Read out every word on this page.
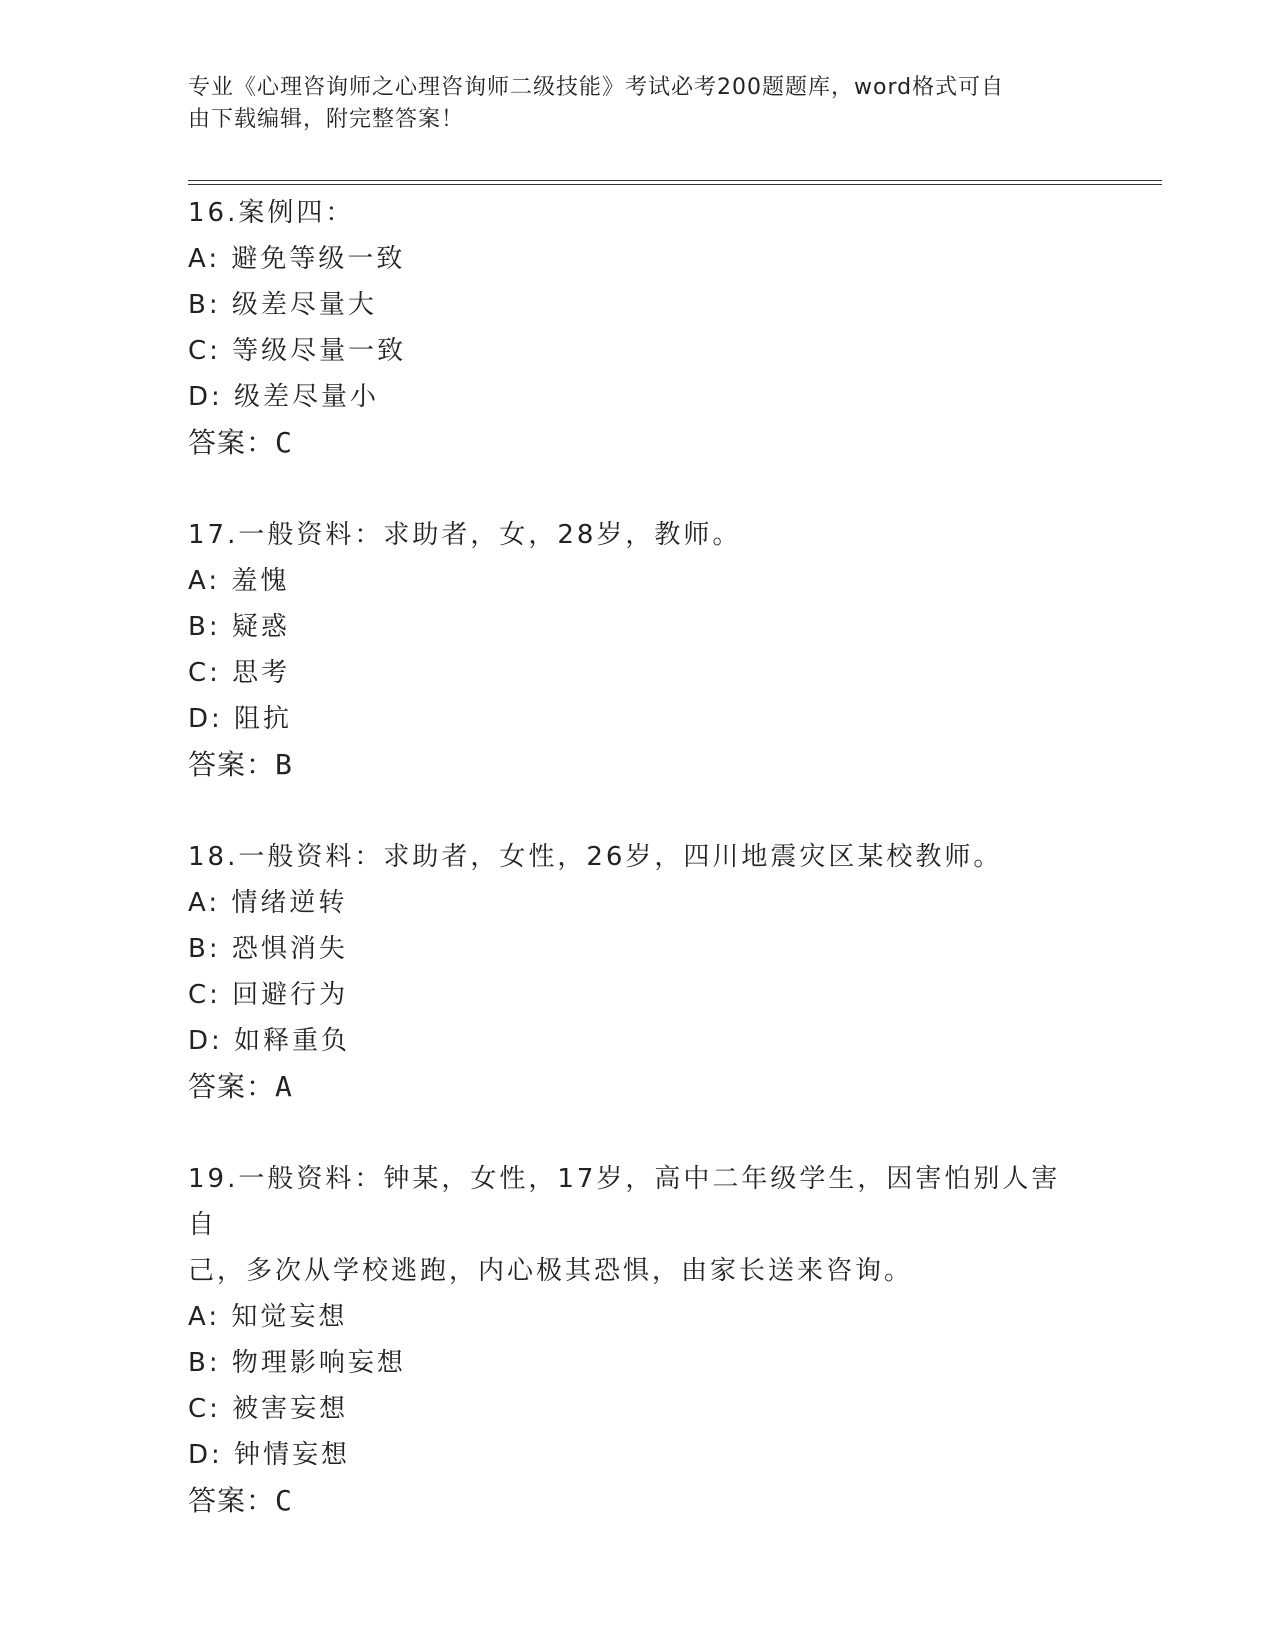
专业《心理咨询师之心理咨询师二级技能》考试必考200题题库，word格式可自

由下载编辑，附完整答案！

16.案例四：

A: 避免等级一致

B: 级差尽量大

C: 等级尽量一致

D: 级差尽量小

答案：C

17.一般资料：求助者，女，28岁，教师。

A: 羞愧

B: 疑惑

C: 思考

D: 阻抗

答案：B

18.一般资料：求助者，女性，26岁，四川地震灾区某校教师。

A: 情绪逆转

B: 恐惧消失

C: 回避行为

D: 如释重负

答案：A

19.一般资料：钟某，女性，17岁，高中二年级学生，因害怕别人害自

己，多次从学校逃跑，内心极其恐惧，由家长送来咨询。

A: 知觉妄想

B: 物理影响妄想

C: 被害妄想

D: 钟情妄想

答案：C
